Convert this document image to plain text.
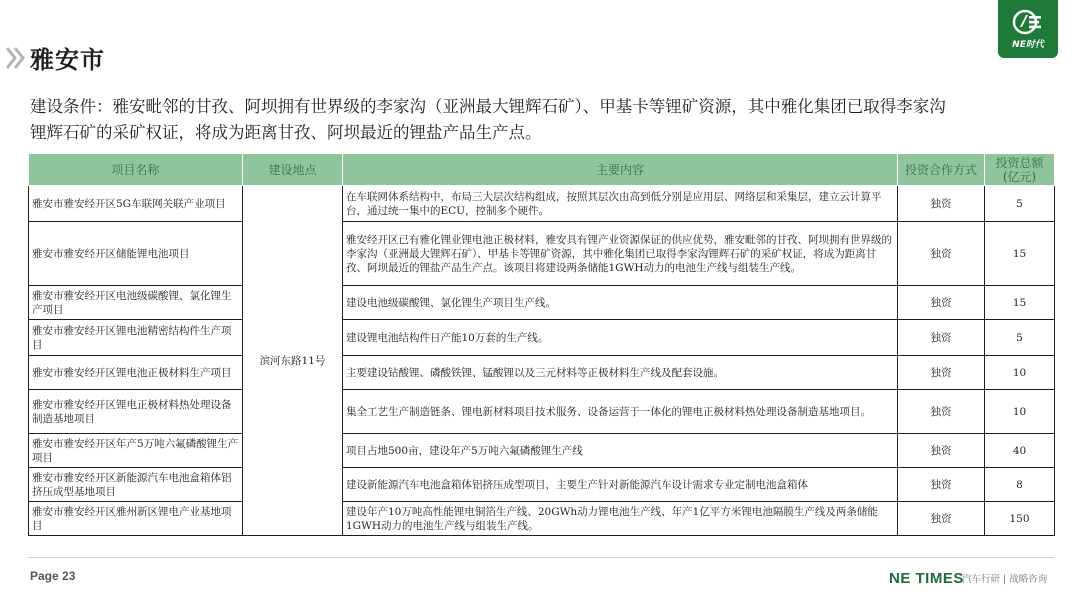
雅安市
NE时代
建设条件：雅安毗邻的甘孜、阿坝拥有世界级的李家沟（亚洲最大锂辉石矿）、甲基卡等锂矿资源，其中雅化集团已取得李家沟
锂辉石矿的采矿权证，将成为距离甘孜、阿坝最近的锂盐产品生产点。
项目名称	建设地点	主要内容	投资合作方式	投资总额
(亿元)

雅安市雅安经开区5G车联网关联产业项目	滨河东路11号	在车联网体系结构中，布局三大层次结构组成，按照其层次由高到低分别是应用层、网络层和采集层，建立云计算平台，通过统一集中的ECU，控制多个硬件。	独资	5
雅安市雅安经开区储能锂电池项目		雅安经开区已有雅化锂业锂电池正极材料，雅安具有锂产业资源保证的供应优势，雅安毗邻的甘孜、阿坝拥有世界级的李家沟（亚洲最大锂辉石矿）、甲基卡等锂矿资源，其中雅化集团已取得李家沟锂辉石矿的采矿权证，将成为距离甘孜、阿坝最近的锂盐产品生产点。该项目将建设两条储能1GWH动力的电池生产线与组装生产线。	独资	15
雅安市雅安经开区电池级碳酸锂、氯化锂生产项目		建设电池级碳酸锂、氯化锂生产项目生产线。	独资	15
雅安市雅安经开区锂电池精密结构件生产项目		建设锂电池结构件日产能10万套的生产线。	独资	5
雅安市雅安经开区锂电池正极材料生产项目		主要建设钴酸锂、磷酸铁锂、锰酸锂以及三元材料等正极材料生产线及配套设施。	独资	10
雅安市雅安经开区锂电正极材料热处理设备制造基地项目		集全工艺生产制造链条、锂电新材料项目技术服务、设备运营于一体化的锂电正极材料热处理设备制造基地项目。	独资	10
雅安市雅安经开区年产5万吨六氟磷酸锂生产项目		项目占地500亩，建设年产5万吨六氟磷酸锂生产线	独资	40
雅安市雅安经开区新能源汽车电池盒箱体铝挤压成型基地项目		建设新能源汽车电池盒箱体铝挤压成型项目，主要生产针对新能源汽车设计需求专业定制电池盒箱体	独资	8
雅安市雅安经开区雅州新区锂电产业基地项目		建设年产10万吨高性能锂电铜箔生产线、20GWh动力锂电池生产线、年产1亿平方米锂电池隔膜生产线及两条储能1GWH动力的电池生产线与组装生产线。	独资	150
Page 23	NE TIMES
汽车行研 | 战略咨询
